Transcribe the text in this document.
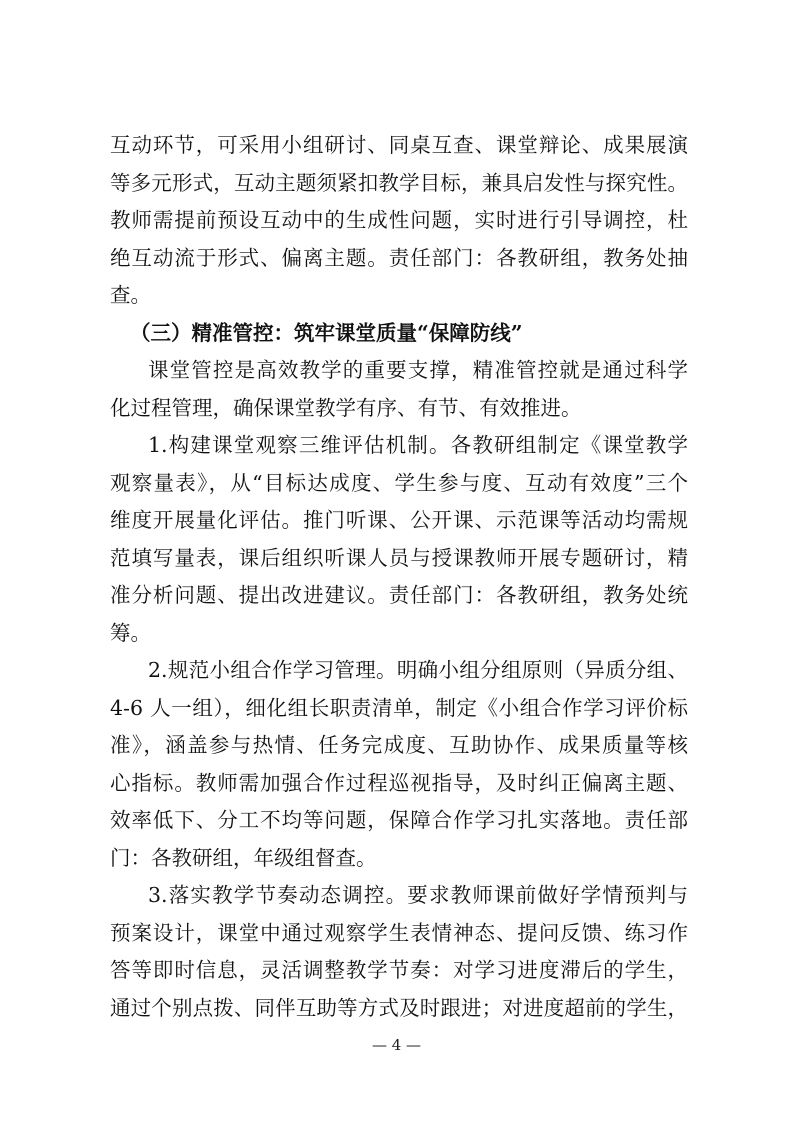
互动环节，可采用小组研讨、同桌互查、课堂辩论、成果展演
等多元形式，互动主题须紧扣教学目标，兼具启发性与探究性。
教师需提前预设互动中的生成性问题，实时进行引导调控，杜
绝互动流于形式、偏离主题。责任部门：各教研组，教务处抽
查。
（三）精准管控：筑牢课堂质量“保障防线”
课堂管控是高效教学的重要支撑，精准管控就是通过科学
化过程管理，确保课堂教学有序、有节、有效推进。
1.构建课堂观察三维评估机制。各教研组制定《课堂教学
观察量表》，从“目标达成度、学生参与度、互动有效度”三个
维度开展量化评估。推门听课、公开课、示范课等活动均需规
范填写量表，课后组织听课人员与授课教师开展专题研讨，精
准分析问题、提出改进建议。责任部门：各教研组，教务处统
筹。
2.规范小组合作学习管理。明确小组分组原则（异质分组、
4-6 人一组），细化组长职责清单，制定《小组合作学习评价标
准》，涵盖参与热情、任务完成度、互助协作、成果质量等核
心指标。教师需加强合作过程巡视指导，及时纠正偏离主题、
效率低下、分工不均等问题，保障合作学习扎实落地。责任部
门：各教研组，年级组督查。
3.落实教学节奏动态调控。要求教师课前做好学情预判与
预案设计，课堂中通过观察学生表情神态、提问反馈、练习作
答等即时信息，灵活调整教学节奏：对学习进度滞后的学生，
通过个别点拨、同伴互助等方式及时跟进；对进度超前的学生，
— 4 —
